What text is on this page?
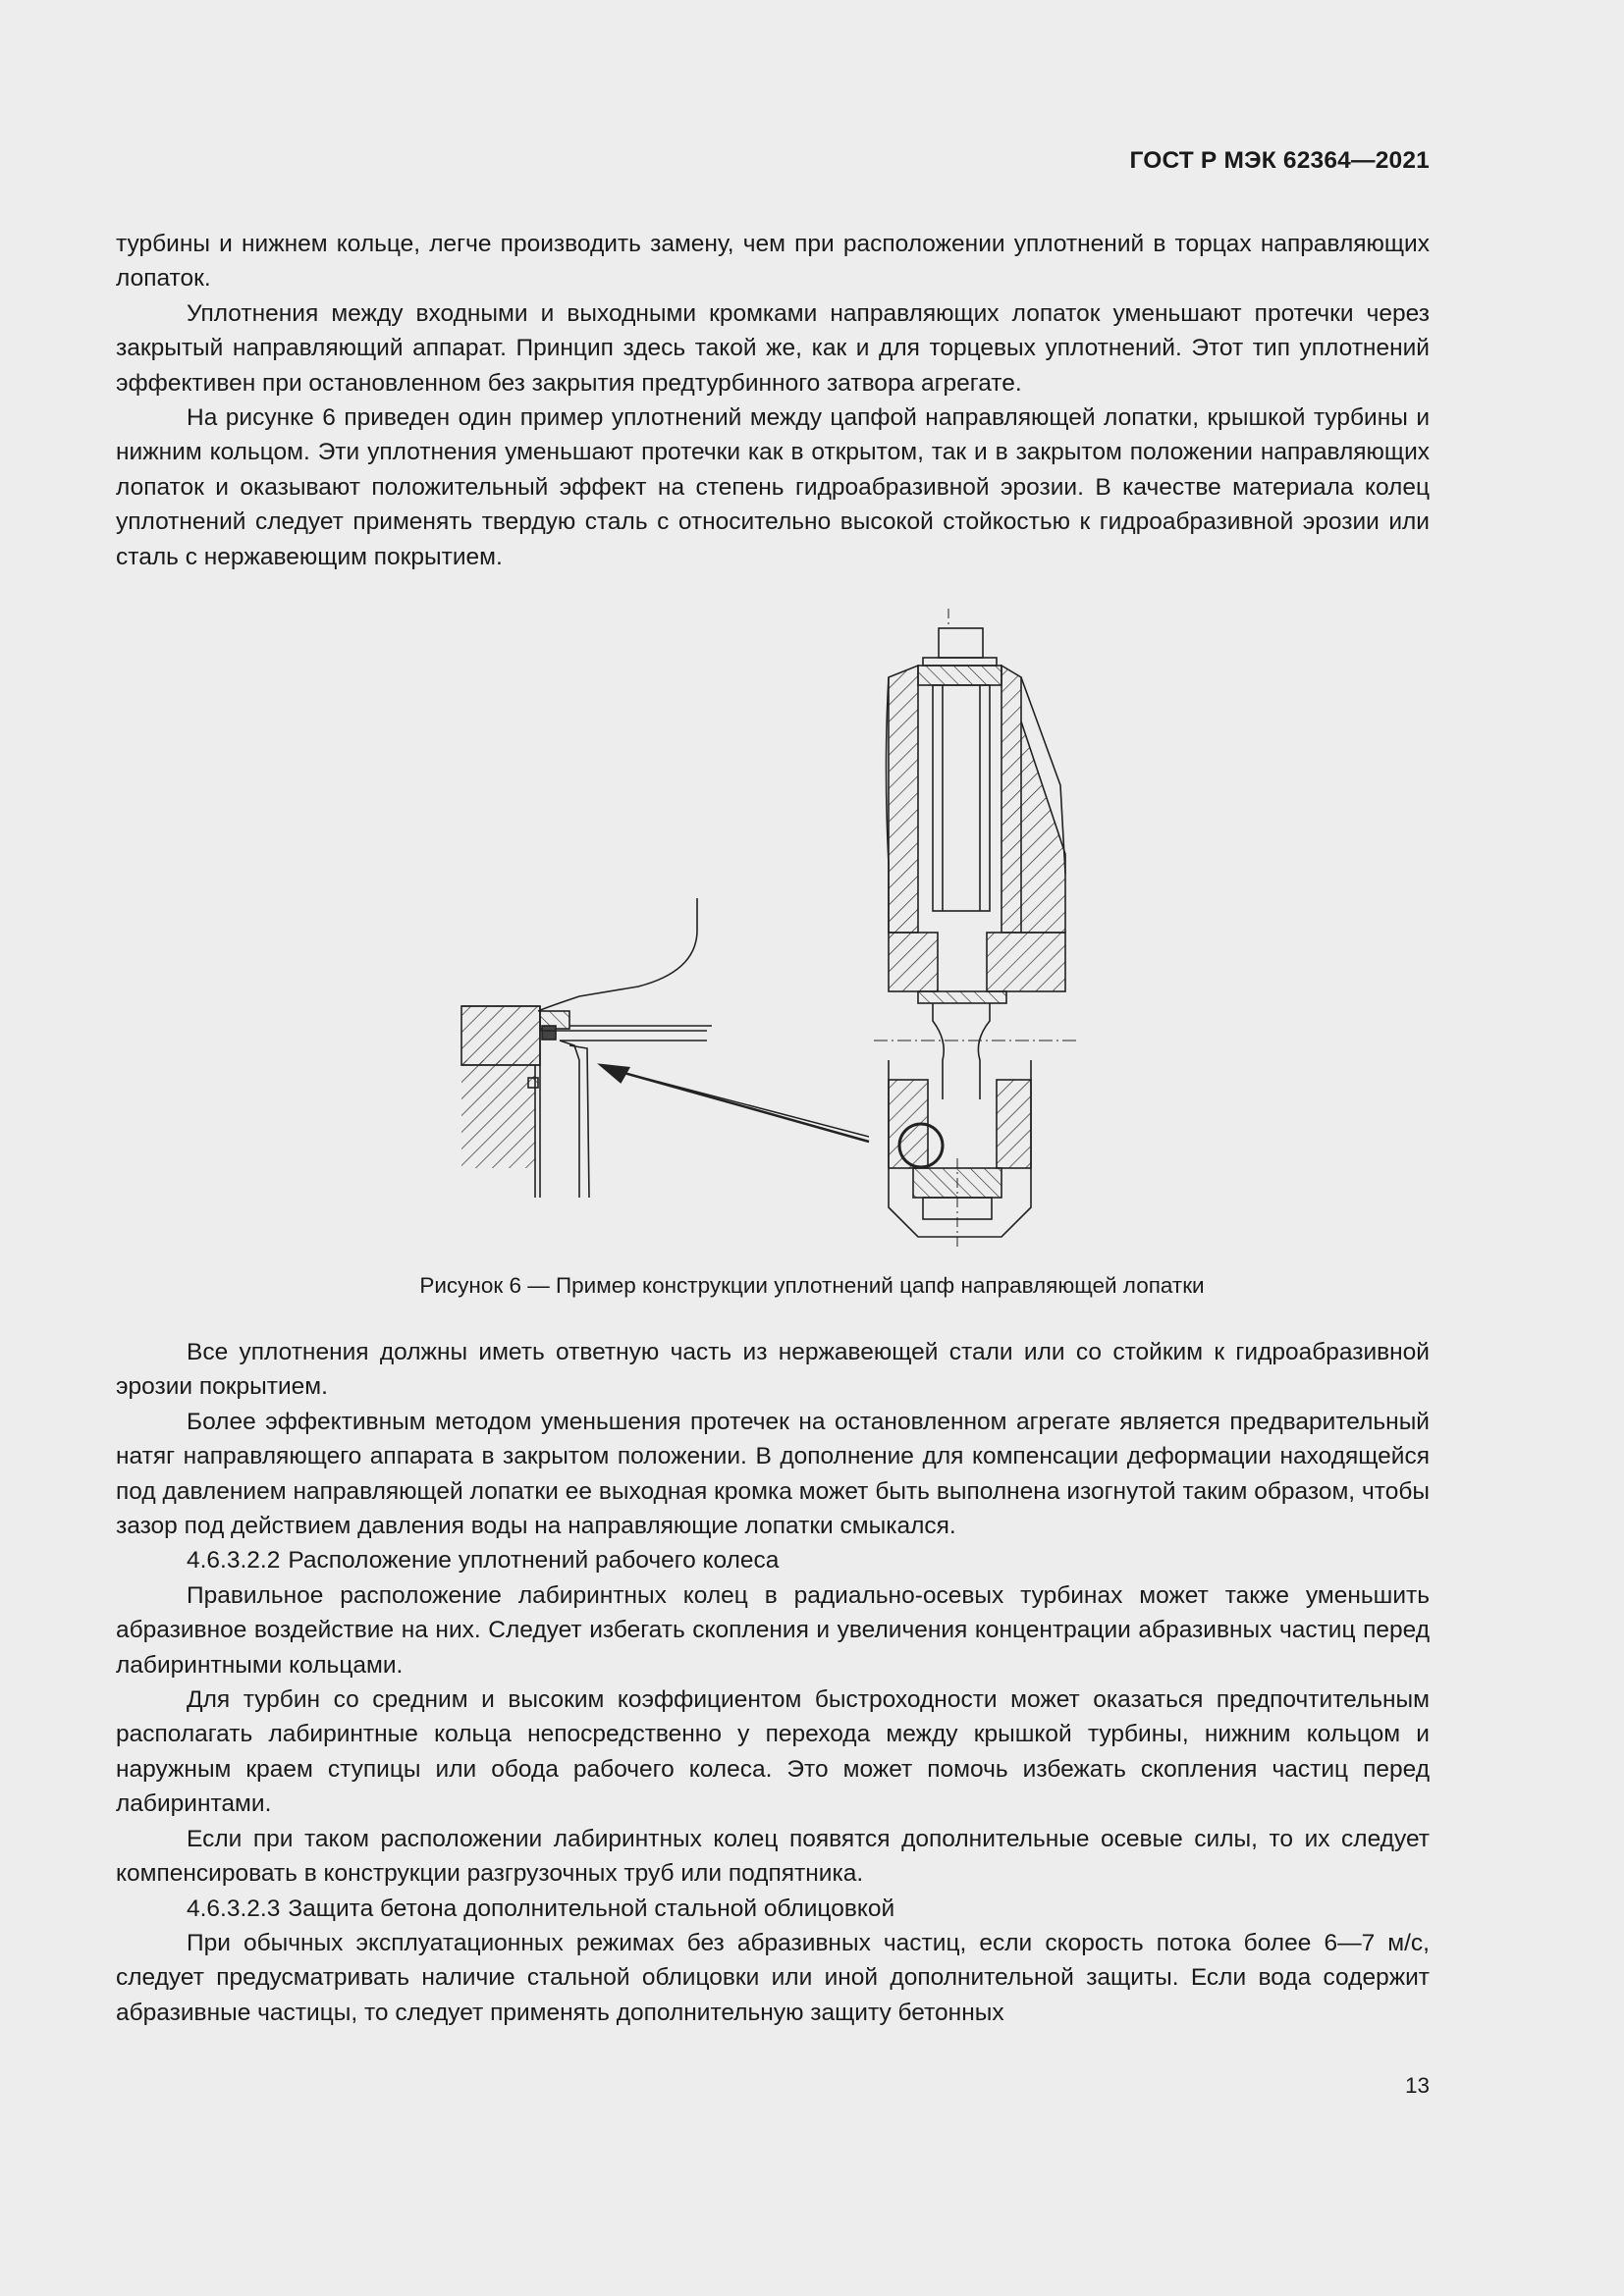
ГОСТ Р МЭК 62364—2021

турбины и нижнем кольце, легче производить замену, чем при расположении уплотнений в торцах направляющих лопаток.

Уплотнения между входными и выходными кромками направляющих лопаток уменьшают протечки через закрытый направляющий аппарат. Принцип здесь такой же, как и для торцевых уплотнений. Этот тип уплотнений эффективен при остановленном без закрытия предтурбинного затвора агрегате.

На рисунке 6 приведен один пример уплотнений между цапфой направляющей лопатки, крышкой турбины и нижним кольцом. Эти уплотнения уменьшают протечки как в открытом, так и в закрытом положении направляющих лопаток и оказывают положительный эффект на степень гидроабразивной эрозии. В качестве материала колец уплотнений следует применять твердую сталь с относительно высокой стойкостью к гидроабразивной эрозии или сталь с нержавеющим покрытием.

Рисунок 6 — Пример конструкции уплотнений цапф направляющей лопатки

Все уплотнения должны иметь ответную часть из нержавеющей стали или со стойким к гидроабразивной эрозии покрытием.

Более эффективным методом уменьшения протечек на остановленном агрегате является предварительный натяг направляющего аппарата в закрытом положении. В дополнение для компенсации деформации находящейся под давлением направляющей лопатки ее выходная кромка может быть выполнена изогнутой таким образом, чтобы зазор под действием давления воды на направляющие лопатки смыкался.

4.6.3.2.2 Расположение уплотнений рабочего колеса

Правильное расположение лабиринтных колец в радиально-осевых турбинах может также уменьшить абразивное воздействие на них. Следует избегать скопления и увеличения концентрации абразивных частиц перед лабиринтными кольцами.

Для турбин со средним и высоким коэффициентом быстроходности может оказаться предпочтительным располагать лабиринтные кольца непосредственно у перехода между крышкой турбины, нижним кольцом и наружным краем ступицы или обода рабочего колеса. Это может помочь избежать скопления частиц перед лабиринтами.

Если при таком расположении лабиринтных колец появятся дополнительные осевые силы, то их следует компенсировать в конструкции разгрузочных труб или подпятника.

4.6.3.2.3 Защита бетона дополнительной стальной облицовкой

При обычных эксплуатационных режимах без абразивных частиц, если скорость потока более 6—7 м/с, следует предусматривать наличие стальной облицовки или иной дополнительной защиты. Если вода содержит абразивные частицы, то следует применять дополнительную защиту бетонных

13
